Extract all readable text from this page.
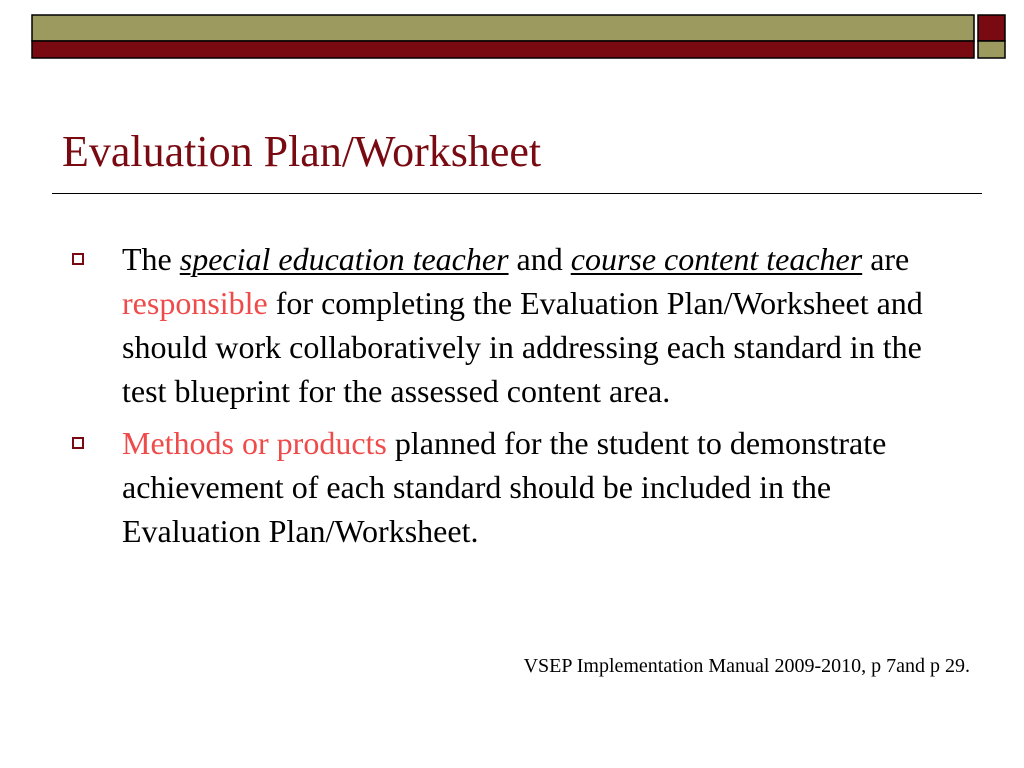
Evaluation Plan/Worksheet
The special education teacher and course content teacher are responsible for completing the Evaluation Plan/Worksheet and should work collaboratively in addressing each standard in the test blueprint for the assessed content area.
Methods or products planned for the student to demonstrate achievement of each standard should be included in the Evaluation Plan/Worksheet.
VSEP Implementation Manual 2009-2010, p 7and p 29.
